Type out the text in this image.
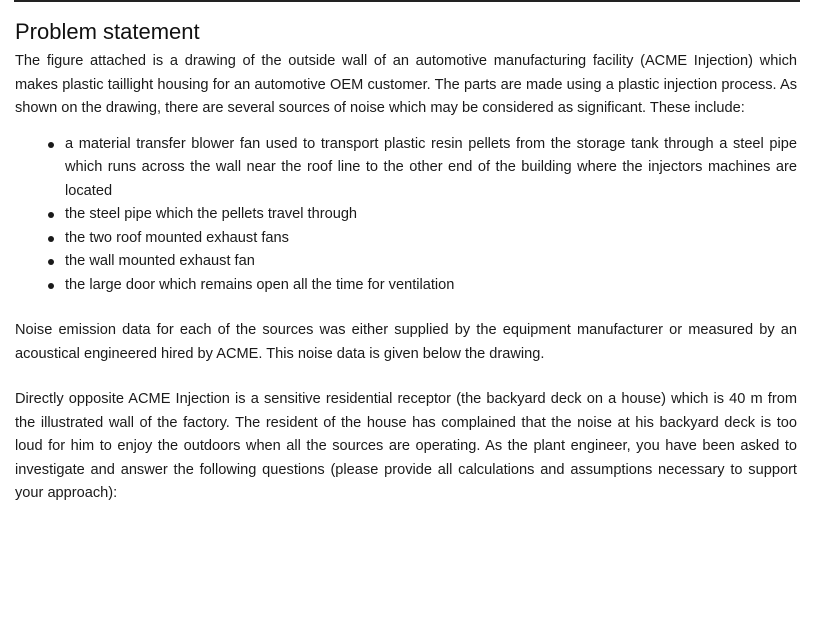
Problem statement

The figure attached is a drawing of the outside wall of an automotive manufacturing facility (ACME Injection) which makes plastic taillight housing for an automotive OEM customer. The parts are made using a plastic injection process. As shown on the drawing, there are several sources of noise which may be considered as significant. These include:

a material transfer blower fan used to transport plastic resin pellets from the storage tank through a steel pipe which runs across the wall near the roof line to the other end of the building where the injectors machines are located
the steel pipe which the pellets travel through
the two roof mounted exhaust fans
the wall mounted exhaust fan
the large door which remains open all the time for ventilation

Noise emission data for each of the sources was either supplied by the equipment manufacturer or measured by an acoustical engineered hired by ACME. This noise data is given below the drawing.

Directly opposite ACME Injection is a sensitive residential receptor (the backyard deck on a house) which is 40 m from the illustrated wall of the factory. The resident of the house has complained that the noise at his backyard deck is too loud for him to enjoy the outdoors when all the sources are operating. As the plant engineer, you have been asked to investigate and answer the following questions (please provide all calculations and assumptions necessary to support your approach):
